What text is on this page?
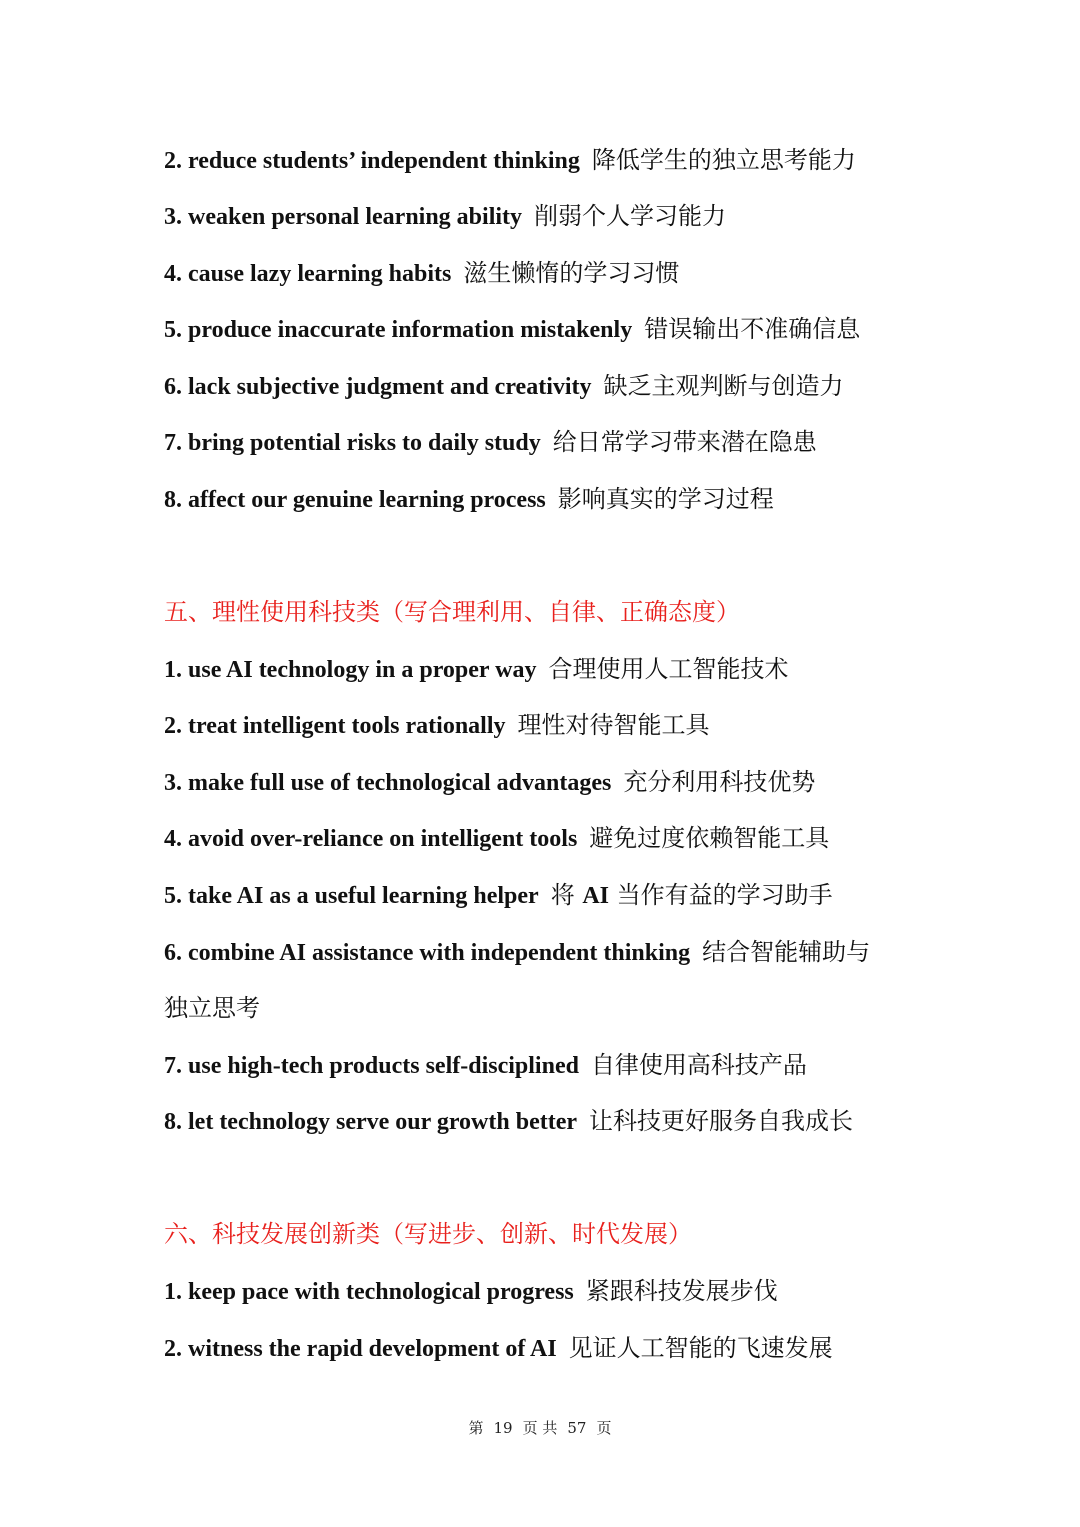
2. reduce students’ independent thinking 降低学生的独立思考能力
3. weaken personal learning ability 削弱个人学习能力
4. cause lazy learning habits 滋生懒惰的学习习惯
5. produce inaccurate information mistakenly 错误输出不准确信息
6. lack subjective judgment and creativity 缺乏主观判断与创造力
7. bring potential risks to daily study 给日常学习带来潜在隐患
8. affect our genuine learning process 影响真实的学习过程
五、理性使用科技类（写合理利用、自律、正确态度）
1. use AI technology in a proper way 合理使用人工智能技术
2. treat intelligent tools rationally 理性对待智能工具
3. make full use of technological advantages 充分利用科技优势
4. avoid over-reliance on intelligent tools 避免过度依赖智能工具
5. take AI as a useful learning helper 将 AI 当作有益的学习助手
6. combine AI assistance with independent thinking 结合智能辅助与
独立思考
7. use high-tech products self-disciplined 自律使用高科技产品
8. let technology serve our growth better 让科技更好服务自我成长
六、科技发展创新类（写进步、创新、时代发展）
1. keep pace with technological progress 紧跟科技发展步伐
2. witness the rapid development of AI 见证人工智能的飞速发展
第 19 页 共 57 页
